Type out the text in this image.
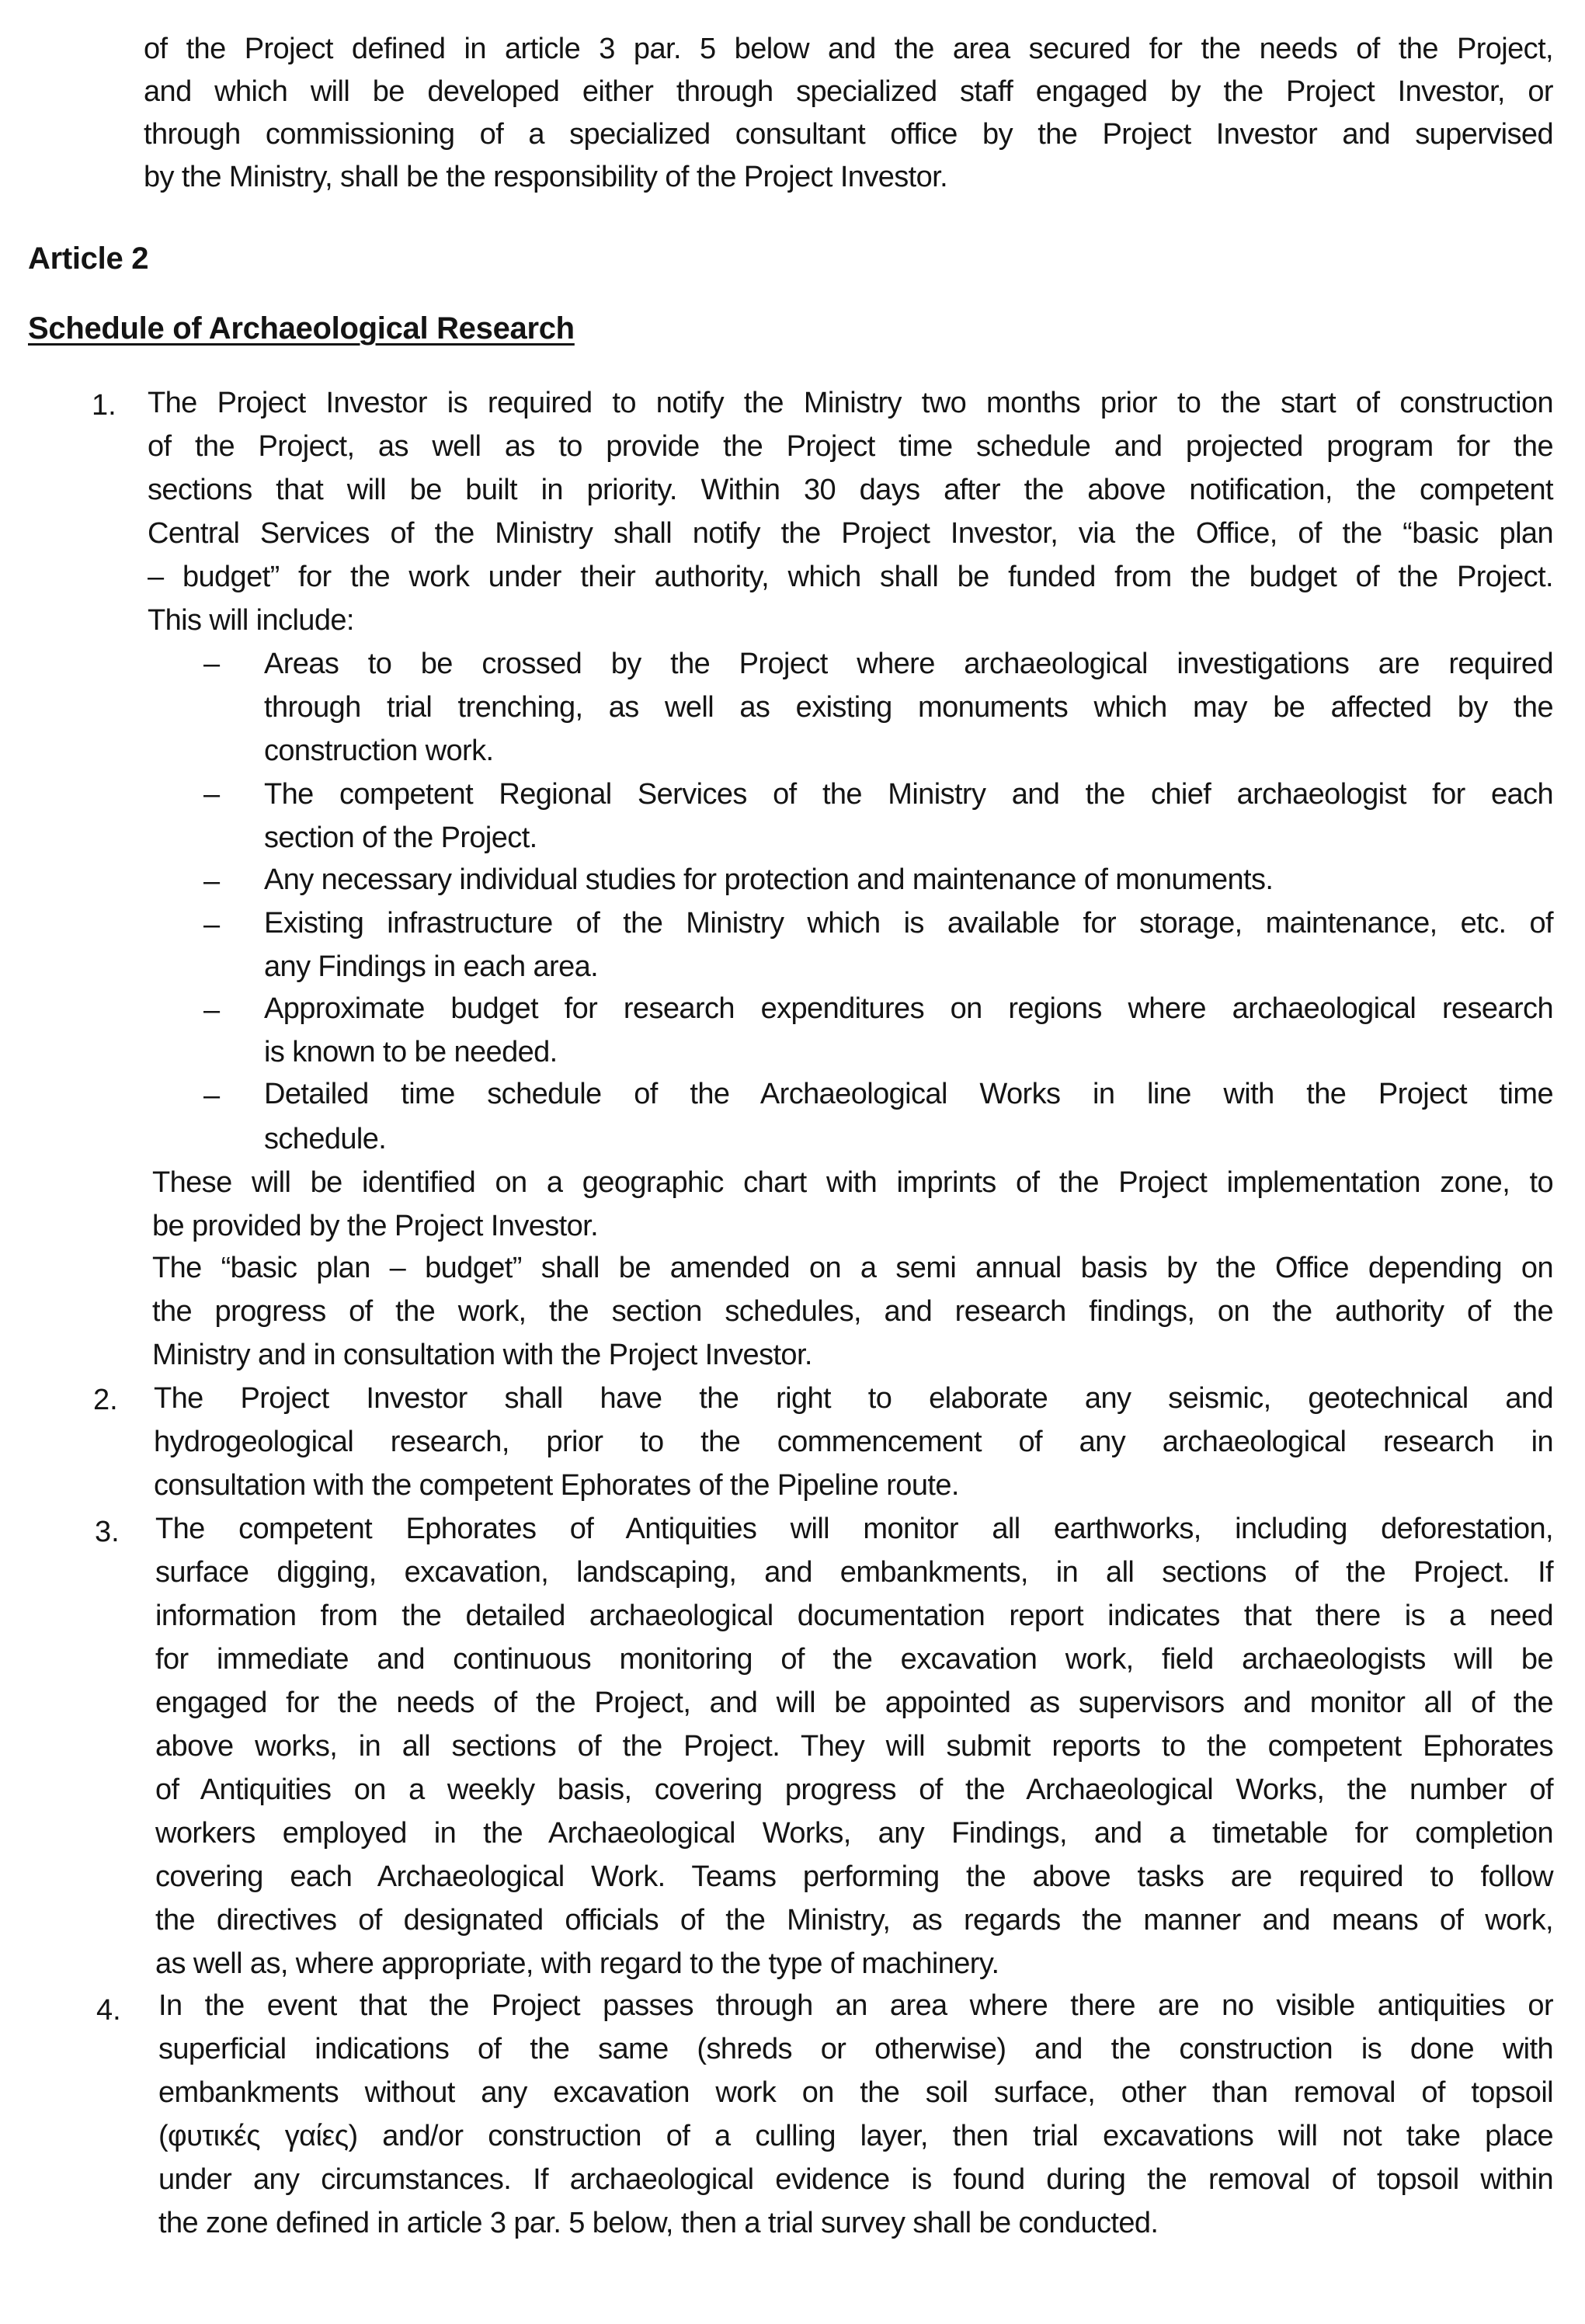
of the Project defined in article 3 par. 5 below and the area secured for the needs of the Project,
and which will be developed either through specialized staff engaged by the Project Investor, or
through commissioning of a specialized consultant office by the Project Investor and supervised
by the Ministry, shall be the responsibility of the Project Investor.
Article 2
Schedule of Archaeological Research
1. The Project Investor is required to notify the Ministry two months prior to the start of construction
of the Project, as well as to provide the Project time schedule and projected program for the
sections that will be built in priority. Within 30 days after the above notification, the competent
Central Services of the Ministry shall notify the Project Investor, via the Office, of the “basic plan
– budget” for the work under their authority, which shall be funded from the budget of the Project.
This will include:
– Areas to be crossed by the Project where archaeological investigations are required
through trial trenching, as well as existing monuments which may be affected by the
construction work.
– The competent Regional Services of the Ministry and the chief archaeologist for each
section of the Project.
– Any necessary individual studies for protection and maintenance of monuments.
– Existing infrastructure of the Ministry which is available for storage, maintenance, etc. of
any Findings in each area.
– Approximate budget for research expenditures on regions where archaeological research
is known to be needed.
– Detailed time schedule of the Archaeological Works in line with the Project time
schedule.
These will be identified on a geographic chart with imprints of the Project implementation zone, to
be provided by the Project Investor.
The “basic plan – budget” shall be amended on a semi annual basis by the Office depending on
the progress of the work, the section schedules, and research findings, on the authority of the
Ministry and in consultation with the Project Investor.
2. The Project Investor shall have the right to elaborate any seismic, geotechnical and
hydrogeological research, prior to the commencement of any archaeological research in
consultation with the competent Ephorates of the Pipeline route.
3. The competent Ephorates of Antiquities will monitor all earthworks, including deforestation,
surface digging, excavation, landscaping, and embankments, in all sections of the Project. If
information from the detailed archaeological documentation report indicates that there is a need
for immediate and continuous monitoring of the excavation work, field archaeologists will be
engaged for the needs of the Project, and will be appointed as supervisors and monitor all of the
above works, in all sections of the Project. They will submit reports to the competent Ephorates
of Antiquities on a weekly basis, covering progress of the Archaeological Works, the number of
workers employed in the Archaeological Works, any Findings, and a timetable for completion
covering each Archaeological Work. Teams performing the above tasks are required to follow
the directives of designated officials of the Ministry, as regards the manner and means of work,
as well as, where appropriate, with regard to the type of machinery.
4. In the event that the Project passes through an area where there are no visible antiquities or
superficial indications of the same (shreds or otherwise) and the construction is done with
embankments without any excavation work on the soil surface, other than removal of topsoil
(φυτικές γαίες) and/or construction of a culling layer, then trial excavations will not take place
under any circumstances. If archaeological evidence is found during the removal of topsoil within
the zone defined in article 3 par. 5 below, then a trial survey shall be conducted.
